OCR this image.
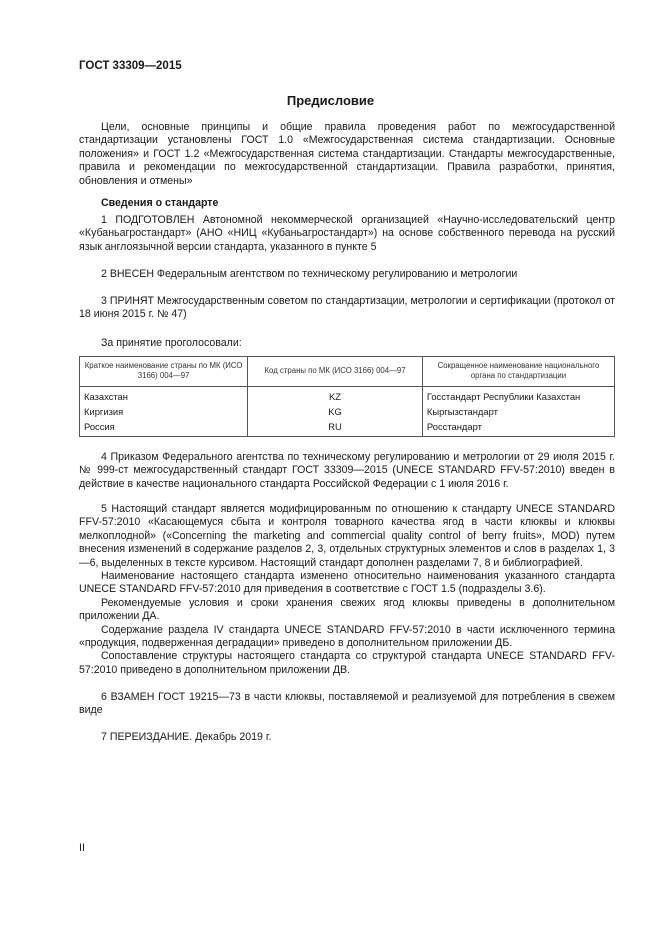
ГОСТ 33309—2015
Предисловие

Цели, основные принципы и общие правила проведения работ по межгосударственной стандартизации установлены ГОСТ 1.0 «Межгосударственная система стандартизации. Основные положения» и ГОСТ 1.2 «Межгосударственная система стандартизации. Стандарты межгосударственные, правила и рекомендации по межгосударственной стандартизации. Правила разработки, принятия, обновления и отмены»

Сведения о стандарте

1 ПОДГОТОВЛЕН Автономной некоммерческой организацией «Научно-исследовательский центр «Кубаньагростандарт» (АНО «НИЦ «Кубаньагростандарт») на основе собственного перевода на русский язык англоязычной версии стандарта, указанного в пункте 5

2 ВНЕСЕН Федеральным агентством по техническому регулированию и метрологии

3 ПРИНЯТ Межгосударственным советом по стандартизации, метрологии и сертификации (протокол от 18 июня 2015 г. № 47)

За принятие проголосовали:
Краткое наименование страны по МК (ИСО 3166) 004—97	Код страны по МК (ИСО 3166) 004—97	Сокращенное наименование национального органа по стандартизации
Казахстан	KZ	Госстандарт Республики Казахстан
Киргизия	KG	Кыргызстандарт
Россия	RU	Росстандарт

4 Приказом Федерального агентства по техническому регулированию и метрологии от 29 июля 2015 г. № 999-ст межгосударственный стандарт ГОСТ 33309—2015 (UNECE STANDARD FFV-57:2010) введен в действие в качестве национального стандарта Российской Федерации с 1 июля 2016 г.

5 Настоящий стандарт является модифицированным по отношению к стандарту UNECE STANDARD FFV-57:2010 «Касающемуся сбыта и контроля товарного качества ягод в части клюквы и клюквы мелкоплодной» («Concerning the marketing and commercial quality control of berry fruits», MOD) путем внесения изменений в содержание разделов 2, 3, отдельных структурных элементов и слов в разделах 1, 3—6, выделенных в тексте курсивом. Настоящий стандарт дополнен разделами 7, 8 и библиографией.

Наименование настоящего стандарта изменено относительно наименования указанного стандарта UNECE STANDARD FFV-57:2010 для приведения в соответствие с ГОСТ 1.5 (подразделы 3.6).

Рекомендуемые условия и сроки хранения свежих ягод клюквы приведены в дополнительном приложении ДА.

Содержание раздела IV стандарта UNECE STANDARD FFV-57:2010 в части исключенного термина «продукция, подверженная деградации» приведено в дополнительном приложении ДБ.

Сопоставление структуры настоящего стандарта со структурой стандарта UNECE STANDARD FFV-57:2010 приведено в дополнительном приложении ДВ.

6 ВЗАМЕН ГОСТ 19215—73 в части клюквы, поставляемой и реализуемой для потребления в свежем виде

7 ПЕРЕИЗДАНИЕ. Декабрь 2019 г.

II
